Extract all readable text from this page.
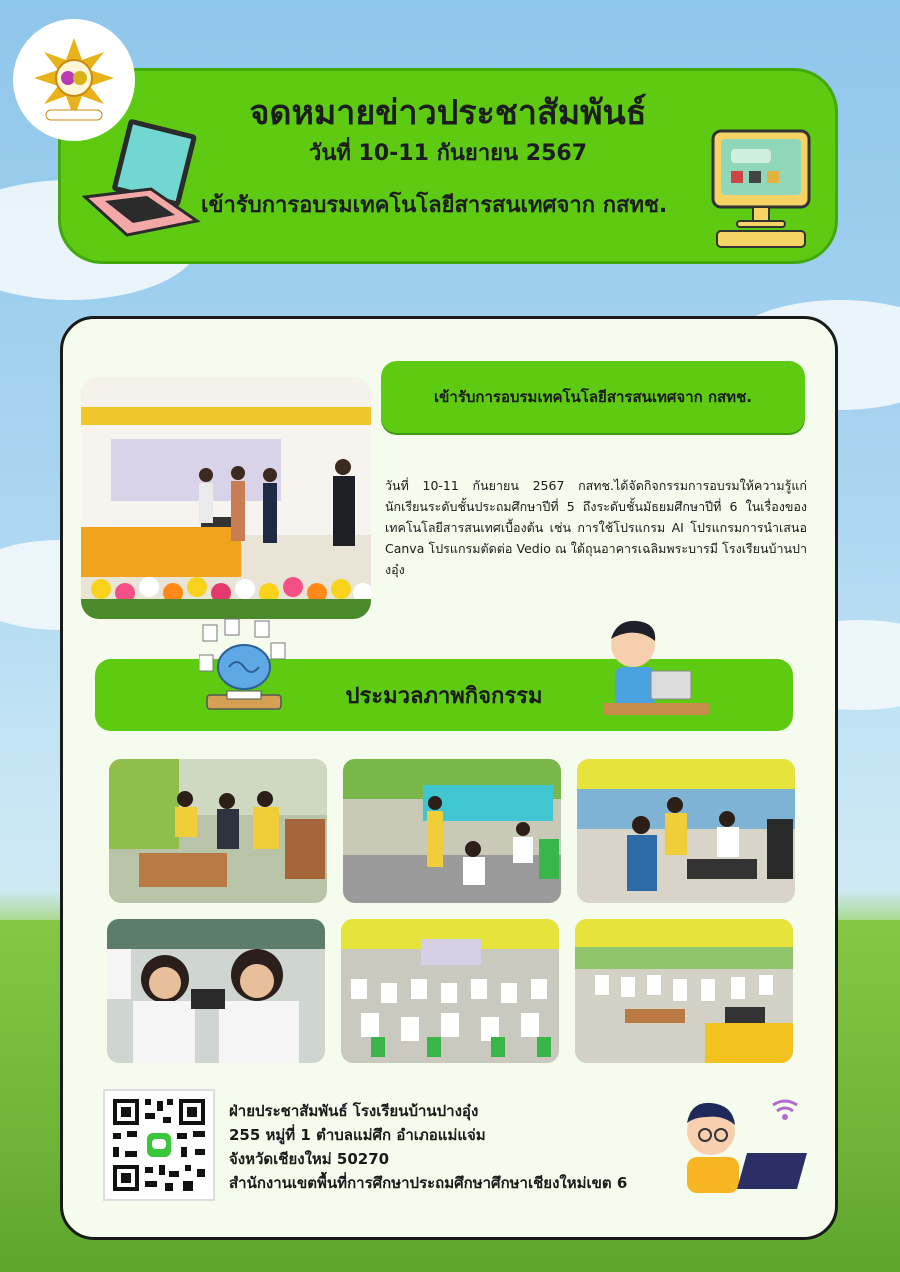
จดหมายข่าวประชาสัมพันธ์
วันที่ 10-11 กันยายน 2567
เข้ารับการอบรมเทคโนโลยีสารสนเทศจาก กสทช.
เข้ารับการอบรมเทคโนโลยีสารสนเทศจาก กสทช.
วันที่ 10-11 กันยายน 2567 กสทช.ได้จัดกิจกรรมการอบรมให้ความรู้แก่นักเรียนระดับชั้นประถมศึกษาปีที่ 5 ถึงระดับชั้นมัธยมศึกษาปีที่ 6 ในเรื่องของเทคโนโลยีสารสนเทศเบื้องต้น เช่น การใช้โปรแกรม AI โปรแกรมการนำเสนอ Canva โปรแกรมตัดต่อ Vedio ณ ใต้ถุนอาคารเฉลิมพระบารมี โรงเรียนบ้านปางอุ๋ง
ประมวลภาพกิจกรรม
ฝ่ายประชาสัมพันธ์ โรงเรียนบ้านปางอุ๋ง
255 หมู่ที่ 1 ตำบลแม่ศึก อำเภอแม่แจ่ม
จังหวัดเชียงใหม่ 50270
สำนักงานเขตพื้นที่การศึกษาประถมศึกษาศึกษาเชียงใหม่เขต 6
